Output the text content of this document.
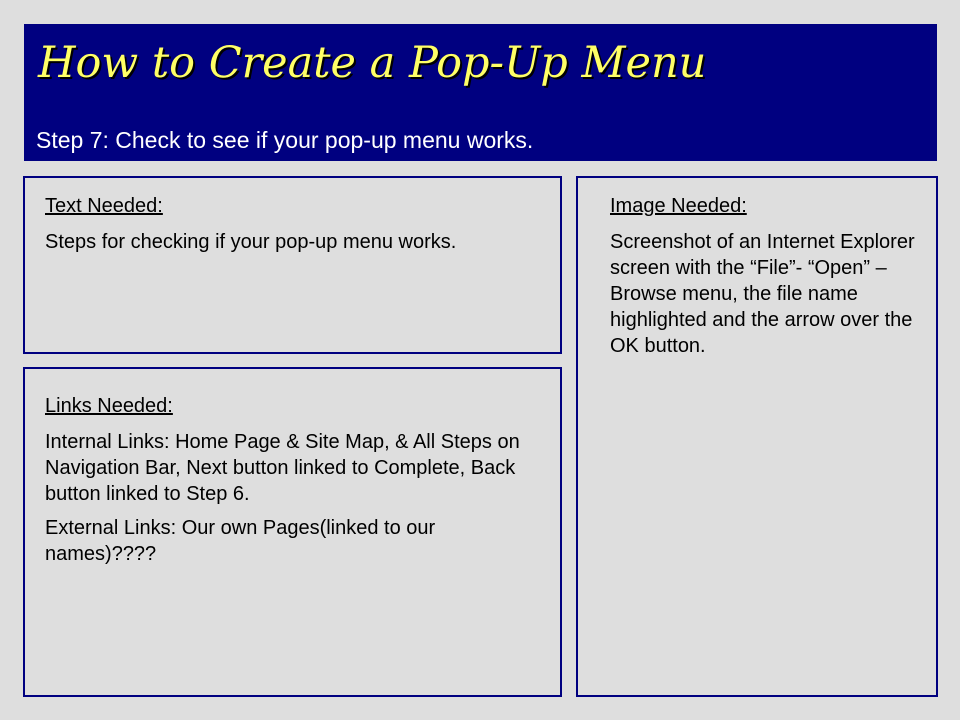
How to Create a Pop-Up Menu

Step 7: Check to see if your pop-up menu works.

Text Needed:

Steps for checking if your pop-up menu works.

Links Needed:

Internal Links: Home Page & Site Map, & All Steps on Navigation Bar, Next button linked to Complete, Back button linked to Step 6.

External Links: Our own Pages(linked to our names)????

Image Needed:

Screenshot of an Internet Explorer screen with the “File”- “Open” – Browse menu, the file name highlighted and the arrow over the OK button.
